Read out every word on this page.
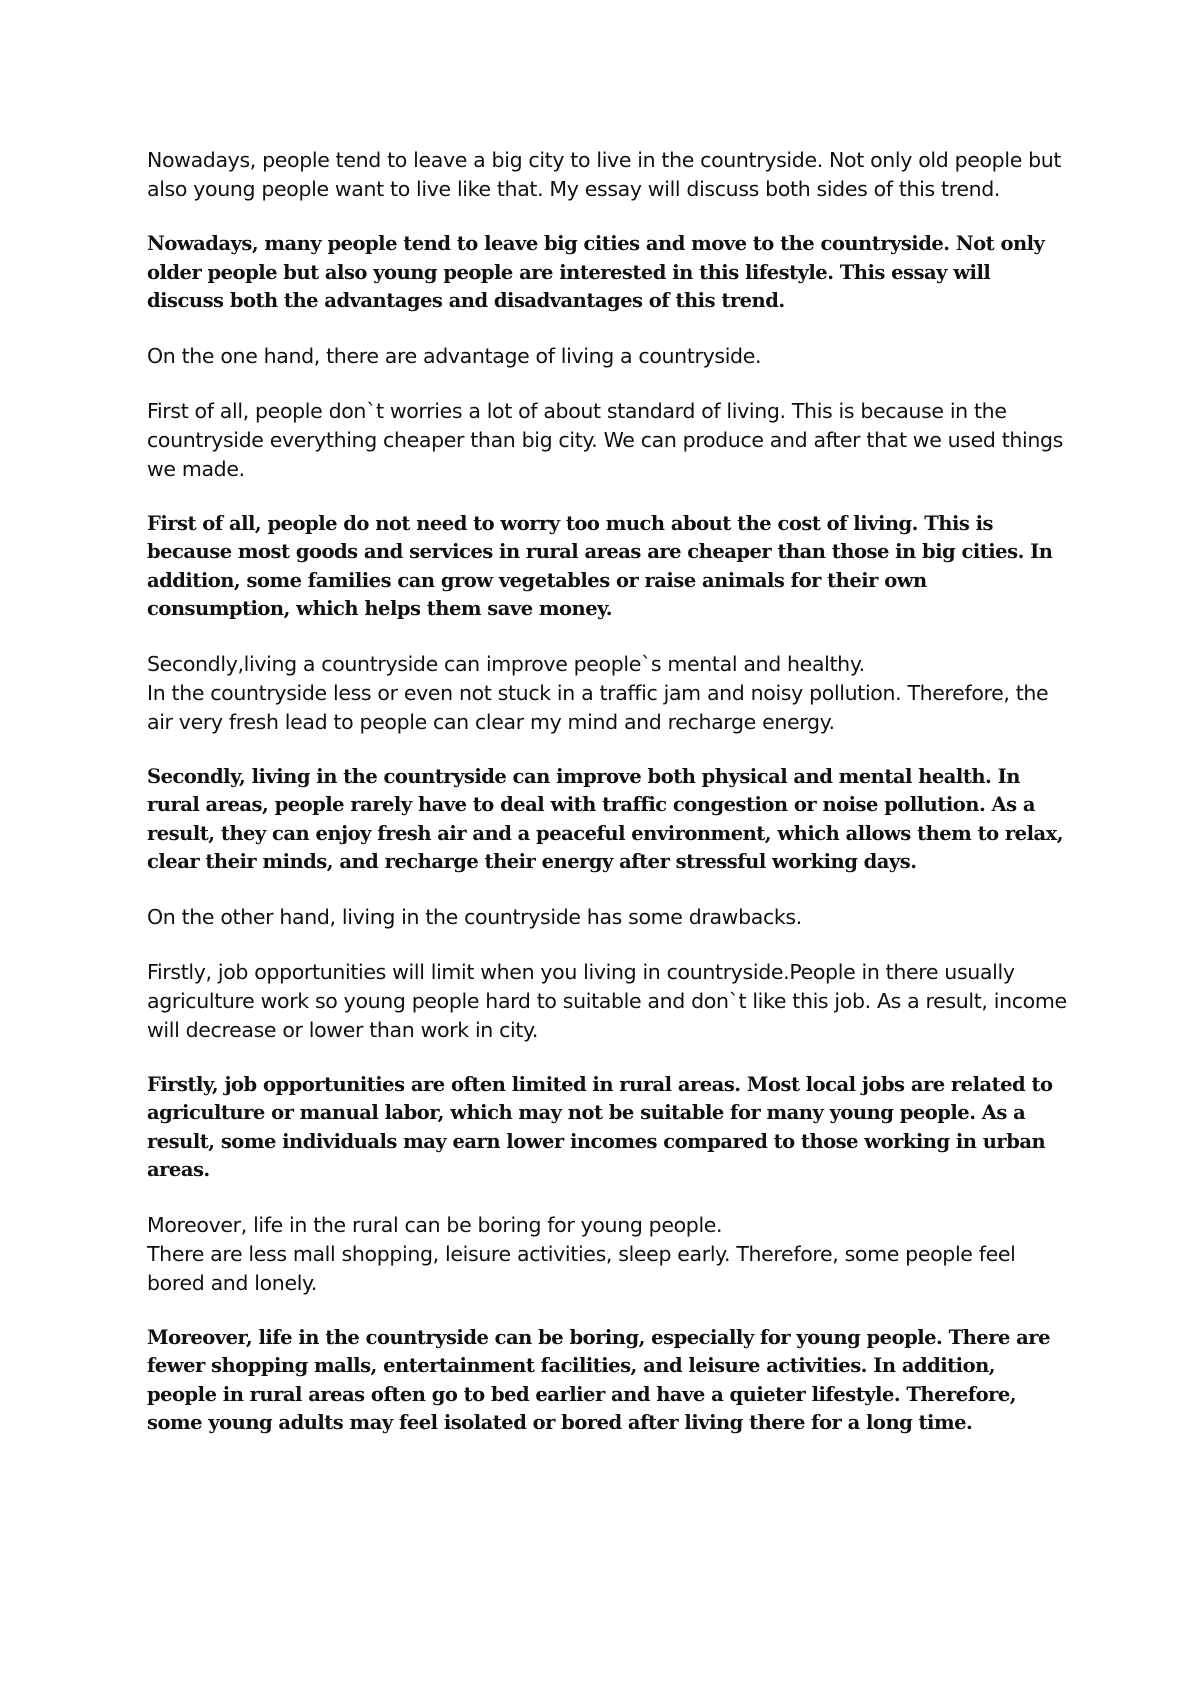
Nowadays, people tend to leave a big city to live in the countryside. Not only old people but also young people want to live like that. My essay will discuss both sides of this trend.

Nowadays, many people tend to leave big cities and move to the countryside. Not only older people but also young people are interested in this lifestyle. This essay will discuss both the advantages and disadvantages of this trend.

On the one hand, there are advantage of living a countryside.

First of all, people don`t worries a lot of about standard of living. This is because in the countryside everything cheaper than big city. We can produce and after that we used things we made.

First of all, people do not need to worry too much about the cost of living. This is because most goods and services in rural areas are cheaper than those in big cities. In addition, some families can grow vegetables or raise animals for their own consumption, which helps them save money.

Secondly,living a countryside can improve people`s mental and healthy.
In the countryside less or even not stuck in a traffic jam and noisy pollution. Therefore, the air very fresh lead to people can clear my mind and recharge energy.

Secondly, living in the countryside can improve both physical and mental health. In rural areas, people rarely have to deal with traffic congestion or noise pollution. As a result, they can enjoy fresh air and a peaceful environment, which allows them to relax, clear their minds, and recharge their energy after stressful working days.

On the other hand, living in the countryside has some drawbacks.

Firstly, job opportunities will limit when you living in countryside.People in there usually agriculture work so young people hard to suitable and don`t like this job. As a result, income will decrease or lower than work in city.

Firstly, job opportunities are often limited in rural areas. Most local jobs are related to agriculture or manual labor, which may not be suitable for many young people. As a result, some individuals may earn lower incomes compared to those working in urban areas.

Moreover, life in the rural can be boring for young people.
There are less mall shopping, leisure activities, sleep early. Therefore, some people feel bored and lonely.

Moreover, life in the countryside can be boring, especially for young people. There are fewer shopping malls, entertainment facilities, and leisure activities. In addition, people in rural areas often go to bed earlier and have a quieter lifestyle. Therefore, some young adults may feel isolated or bored after living there for a long time.
